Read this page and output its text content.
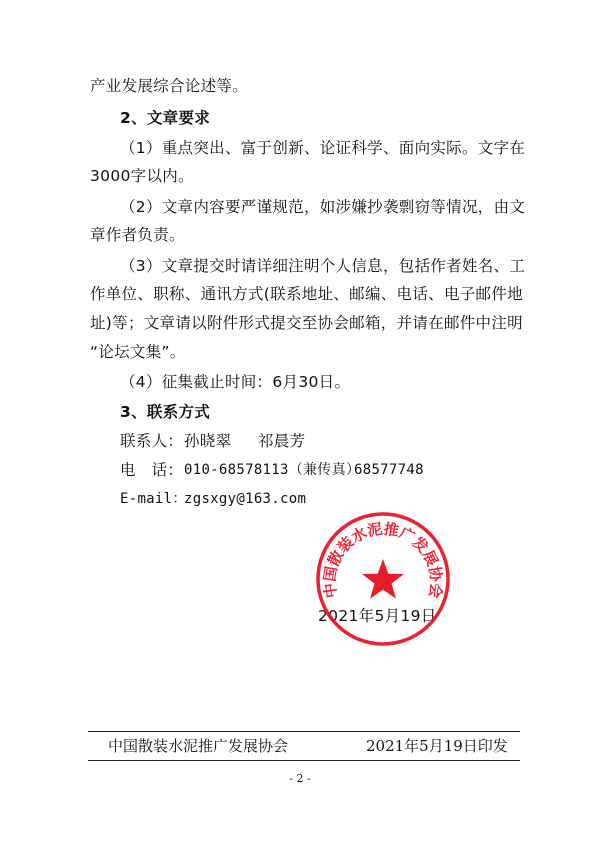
产业发展综合论述等。
2、文章要求
（1）重点突出、富于创新、论证科学、面向实际。文字在
3000字以内。
（2）文章内容要严谨规范，如涉嫌抄袭剽窃等情况，由文
章作者负责。
（3）文章提交时请详细注明个人信息，包括作者姓名、工
作单位、职称、通讯方式(联系地址、邮编、电话、电子邮件地
址)等；文章请以附件形式提交至协会邮箱，并请在邮件中注明
“论坛文集”。
（4）征集截止时间：6月30日。
3、联系方式
联系人： 孙晓翠 祁晨芳
电　话： 010-68578113（兼传真）
68577748
E-mail：
zgsxgy@163.com
2021年5月19日
中国散装水泥推广发展协会
中国散装水泥推广发展协会	2021年5月19日印发
- 2 -
